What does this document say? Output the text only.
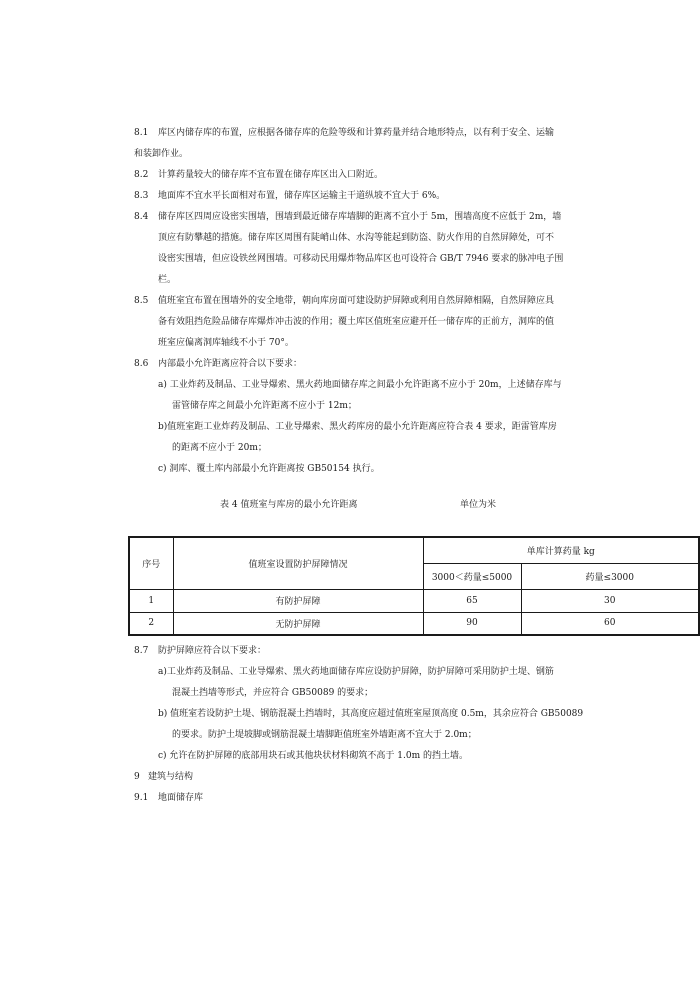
8.1 库区内储存库的布置，应根据各储存库的危险等级和计算药量并结合地形特点，以有利于安全、运输
和装卸作业。
8.2 计算药量较大的储存库不宜布置在储存库区出入口附近。
8.3 地面库不宜水平长面相对布置，储存库区运输主干道纵坡不宜大于 6%。
8.4 储存库区四周应设密实围墙，围墙到最近储存库墙脚的距离不宜小于 5m，围墙高度不应低于 2m，墙
顶应有防攀越的措施。储存库区周围有陡峭山体、水沟等能起到防盗、防火作用的自然屏障处，可不
设密实围墙，但应设铁丝网围墙。可移动民用爆炸物品库区也可设符合 GB/T 7946 要求的脉冲电子围
栏。
8.5 值班室宜布置在围墙外的安全地带，朝向库房面可建设防护屏障或利用自然屏障相隔，自然屏障应具
备有效阻挡危险品储存库爆炸冲击波的作用；覆土库区值班室应避开任一储存库的正前方，洞库的值
班室应偏离洞库轴线不小于 70°。
8.6 内部最小允许距离应符合以下要求：
a) 工业炸药及制品、工业导爆索、黑火药地面储存库之间最小允许距离不应小于 20m，上述储存库与
雷管储存库之间最小允许距离不应小于 12m；
b)值班室距工业炸药及制品、工业导爆索、黑火药库房的最小允许距离应符合表 4 要求，距雷管库房
的距离不应小于 20m；
c) 洞库、覆土库内部最小允许距离按 GB50154 执行。
表 4 值班室与库房的最小允许距离	单位为米
序号	值班室设置防护屏障情况	单库计算药量 kg	
		3000＜药量≤5000	药量≤3000
1	有防护屏障	65	30
2	无防护屏障	90	60
8.7 防护屏障应符合以下要求：
a)工业炸药及制品、工业导爆索、黑火药地面储存库应设防护屏障，防护屏障可采用防护土堤、钢筋
混凝土挡墙等形式，并应符合 GB50089 的要求；
b) 值班室若设防护土堤、钢筋混凝土挡墙时，其高度应超过值班室屋顶高度 0.5m，其余应符合 GB50089
的要求。防护土堤坡脚或钢筋混凝土墙脚距值班室外墙距离不宜大于 2.0m；
c) 允许在防护屏障的底部用块石或其他块状材料砌筑不高于 1.0m 的挡土墙。
9 建筑与结构
9.1 地面储存库
